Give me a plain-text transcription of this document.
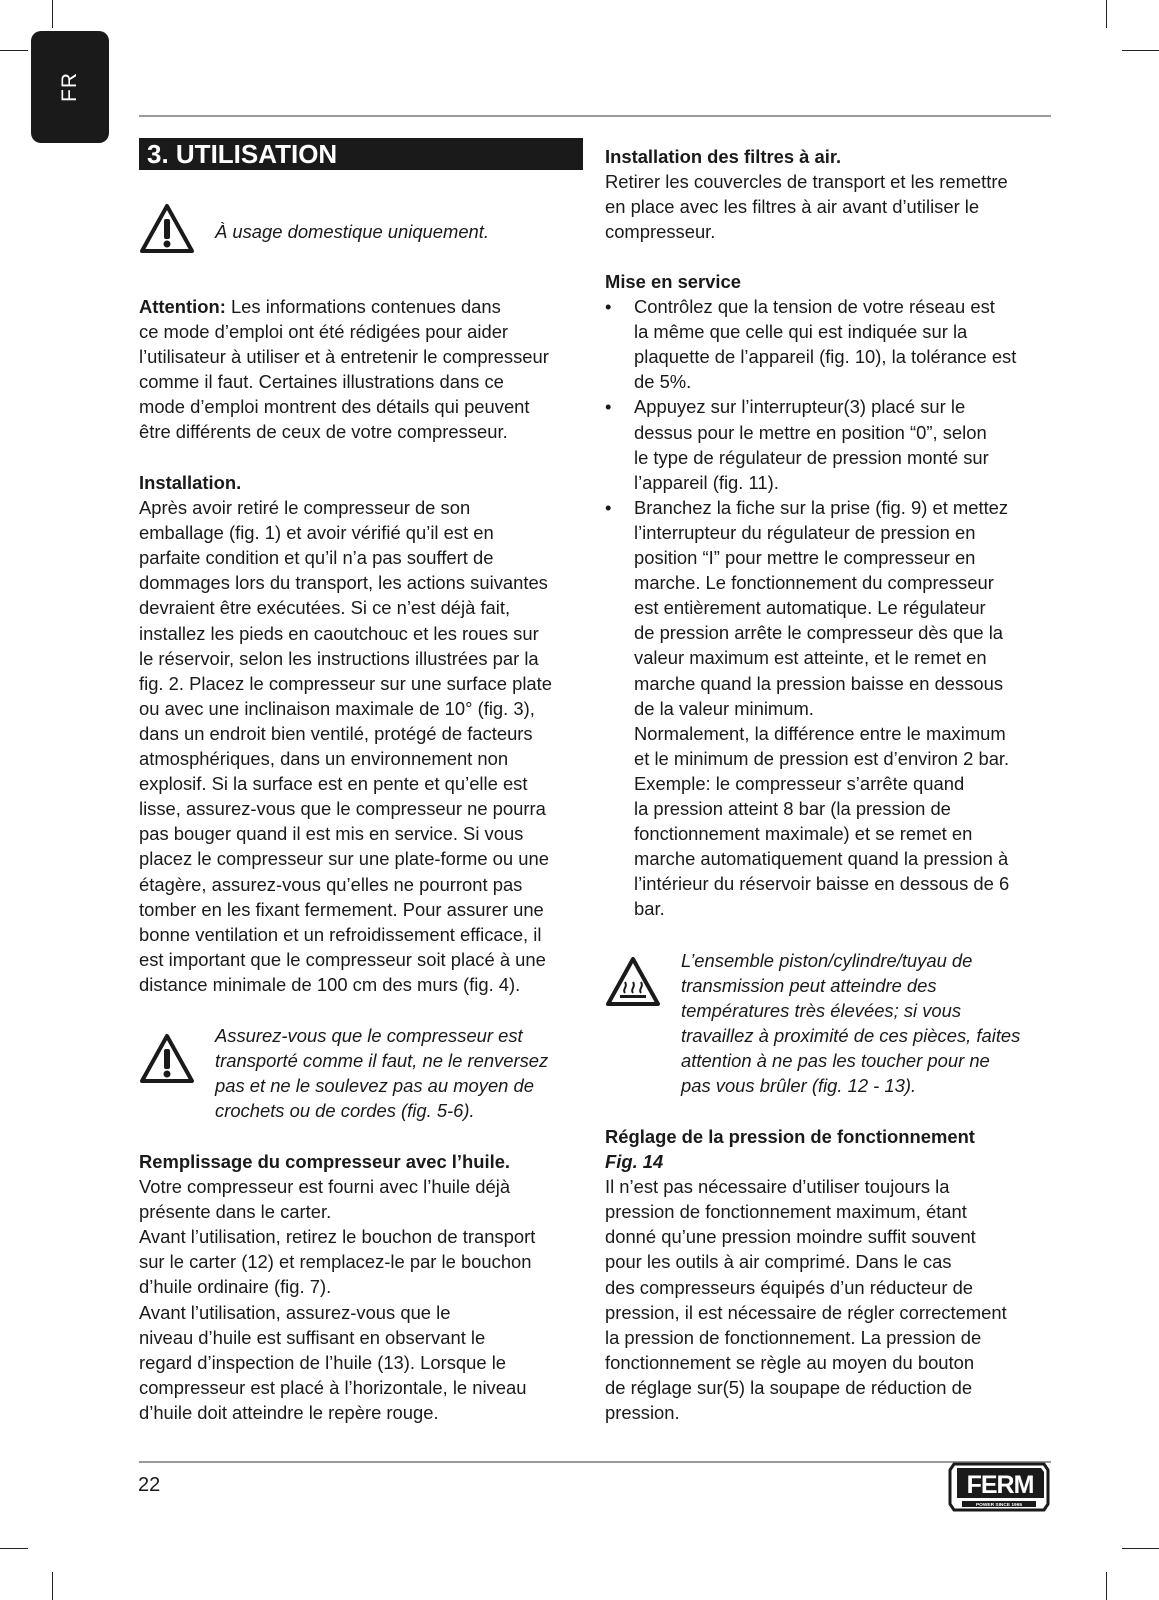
FR
3. UTILISATION
À usage domestique uniquement.

Attention: Les informations contenues dans

ce mode d’emploi ont été rédigées pour aider

l’utilisateur à utiliser et à entretenir le compresseur

comme il faut. Certaines illustrations dans ce

mode d’emploi montrent des détails qui peuvent

être différents de ceux de votre compresseur.

Installation.

Après avoir retiré le compresseur de son

emballage (fig. 1) et avoir vérifié qu’il est en

parfaite condition et qu’il n’a pas souffert de

dommages lors du transport, les actions suivantes

devraient être exécutées. Si ce n’est déjà fait,

installez les pieds en caoutchouc et les roues sur

le réservoir, selon les instructions illustrées par la

fig. 2. Placez le compresseur sur une surface plate

ou avec une inclinaison maximale de 10° (fig. 3),

dans un endroit bien ventilé, protégé de facteurs

atmosphériques, dans un environnement non

explosif. Si la surface est en pente et qu’elle est

lisse, assurez-vous que le compresseur ne pourra

pas bouger quand il est mis en service. Si vous

placez le compresseur sur une plate-forme ou une

étagère, assurez-vous qu’elles ne pourront pas

tomber en les fixant fermement. Pour assurer une

bonne ventilation et un refroidissement efficace, il

est important que le compresseur soit placé à une

distance minimale de 100 cm des murs (fig. 4).

Assurez-vous que le compresseur est

transporté comme il faut, ne le renversez

pas et ne le soulevez pas au moyen de

crochets ou de cordes (fig. 5-6).

Remplissage du compresseur avec l’huile.

Votre compresseur est fourni avec l’huile déjà

présente dans le carter.

Avant l’utilisation, retirez le bouchon de transport

sur le carter (12) et remplacez-le par le bouchon

d’huile ordinaire (fig. 7).

Avant l’utilisation, assurez-vous que le

niveau d’huile est suffisant en observant le

regard d’inspection de l’huile (13). Lorsque le

compresseur est placé à l’horizontale, le niveau

d’huile doit atteindre le repère rouge.

Installation des filtres à air.

Retirer les couvercles de transport et les remettre

en place avec les filtres à air avant d’utiliser le

compresseur.

Mise en service

• Contrôlez que la tension de votre réseau est

la même que celle qui est indiquée sur la

plaquette de l’appareil (fig. 10), la tolérance est

de 5%.

• Appuyez sur l’interrupteur(3) placé sur le

dessus pour le mettre en position “0”, selon

le type de régulateur de pression monté sur

l’appareil (fig. 11).

• Branchez la fiche sur la prise (fig. 9) et mettez

l’interrupteur du régulateur de pression en

position “I” pour mettre le compresseur en

marche. Le fonctionnement du compresseur

est entièrement automatique. Le régulateur

de pression arrête le compresseur dès que la

valeur maximum est atteinte, et le remet en

marche quand la pression baisse en dessous

de la valeur minimum.

Normalement, la différence entre le maximum

et le minimum de pression est d’environ 2 bar.

Exemple: le compresseur s’arrête quand

la pression atteint 8 bar (la pression de

fonctionnement maximale) et se remet en

marche automatiquement quand la pression à

l’intérieur du réservoir baisse en dessous de 6

bar.

L’ensemble piston/cylindre/tuyau de

transmission peut atteindre des

températures très élevées; si vous

travaillez à proximité de ces pièces, faites

attention à ne pas les toucher pour ne

pas vous brûler (fig. 12 - 13).

Réglage de la pression de fonctionnement

Fig. 14

Il n’est pas nécessaire d’utiliser toujours la

pression de fonctionnement maximum, étant

donné qu’une pression moindre suffit souvent

pour les outils à air comprimé. Dans le cas

des compresseurs équipés d’un réducteur de

pression, il est nécessaire de régler correctement

la pression de fonctionnement. La pression de

fonctionnement se règle au moyen du bouton

de réglage sur(5) la soupape de réduction de

pression.

22	FERM
POWER SINCE 1965
